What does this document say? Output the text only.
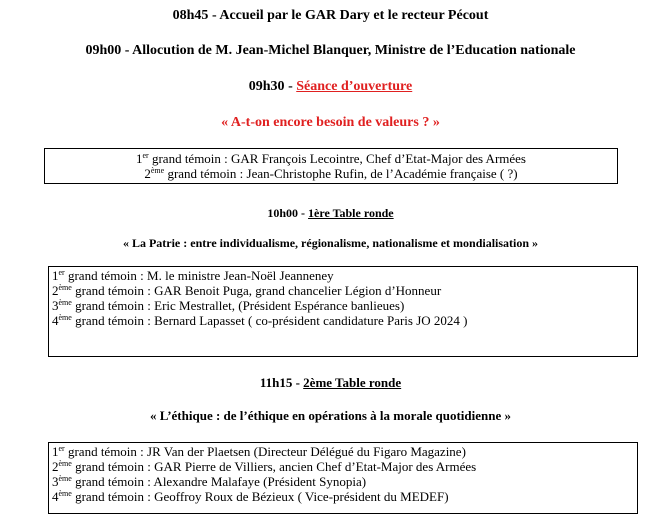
08h45 - Accueil par le GAR Dary et le recteur Pécout
09h00 - Allocution de M. Jean-Michel Blanquer, Ministre de l’Education nationale
09h30 - Séance d’ouverture
« A-t-on encore besoin de valeurs ? »
1er grand témoin : GAR François Lecointre, Chef d’Etat-Major des Armées
2ème grand témoin : Jean-Christophe Rufin, de l’Académie française ( ?)
10h00 - 1ère Table ronde
« La Patrie : entre individualisme, régionalisme, nationalisme et mondialisation »
1er grand témoin : M. le ministre Jean-Noël Jeanneney
2ème grand témoin : GAR Benoit Puga, grand chancelier Légion d’Honneur
3ème grand témoin : Eric Mestrallet, (Président Espérance banlieues)
4ème grand témoin : Bernard Lapasset ( co-président candidature Paris JO 2024 )
11h15 - 2ème Table ronde
« L’éthique : de l’éthique en opérations à la morale quotidienne »
1er grand témoin : JR Van der Plaetsen (Directeur Délégué du Figaro Magazine)
2ème grand témoin : GAR Pierre de Villiers, ancien Chef d’Etat-Major des Armées
3ème grand témoin : Alexandre Malafaye (Président Synopia)
4ème grand témoin : Geoffroy Roux de Bézieux ( Vice-président du MEDEF)
